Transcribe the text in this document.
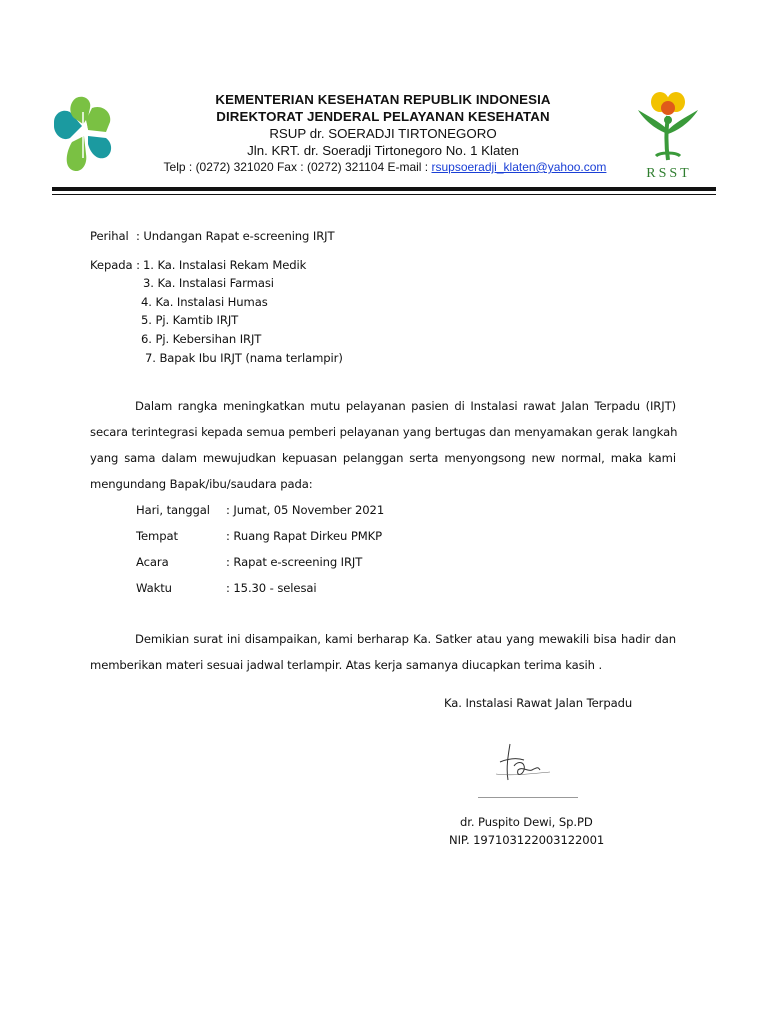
RSST
KEMENTERIAN KESEHATAN REPUBLIK INDONESIA
DIREKTORAT JENDERAL PELAYANAN KESEHATAN
RSUP dr. SOERADJI TIRTONEGORO
Jln. KRT. dr. Soeradji Tirtonegoro No. 1 Klaten
Telp : (0272) 321020 Fax : (0272) 321104 E-mail : rsupsoeradji_klaten@yahoo.com
Perihal : Undangan Rapat e-screening IRJT
Kepada : 1. Ka. Instalasi Rekam Medik
3. Ka. Instalasi Farmasi
4. Ka. Instalasi Humas
5. Pj. Kamtib IRJT
6. Pj. Kebersihan IRJT
7. Bapak Ibu IRJT (nama terlampir)
Dalam rangka meningkatkan mutu pelayanan pasien di Instalasi rawat Jalan Terpadu (IRJT)
secara terintegrasi kepada semua pemberi pelayanan yang bertugas dan menyamakan gerak langkah
yang sama dalam mewujudkan kepuasan pelanggan serta menyongsong new normal, maka kami
mengundang Bapak/ibu/saudara pada:
Hari, tanggal : Jumat, 05 November 2021
Tempat	: Ruang Rapat Dirkeu PMKP
Acara	: Rapat e-screening IRJT
Waktu	: 15.30 - selesai
Demikian surat ini disampaikan, kami berharap Ka. Satker atau yang mewakili bisa hadir dan
memberikan materi sesuai jadwal terlampir. Atas kerja samanya diucapkan terima kasih .
Ka. Instalasi Rawat Jalan Terpadu
dr. Puspito Dewi, Sp.PD
NIP. 197103122003122001
